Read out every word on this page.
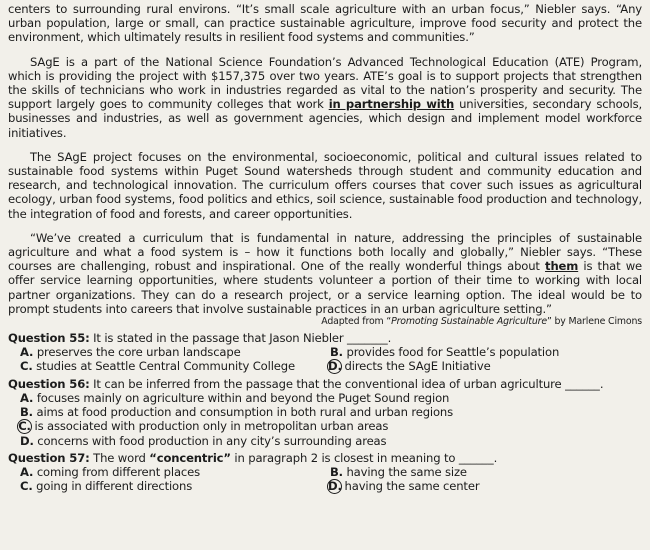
centers to surrounding rural environs. “It’s small scale agriculture with an urban focus,” Niebler says. “Any urban population, large or small, can practice sustainable agriculture, improve food security and protect the environment, which ultimately results in resilient food systems and communities.”

SAgE is a part of the National Science Foundation’s Advanced Technological Education (ATE) Program, which is providing the project with $157,375 over two years. ATE’s goal is to support projects that strengthen the skills of technicians who work in industries regarded as vital to the nation’s prosperity and security. The support largely goes to community colleges that work in partnership with universities, secondary schools, businesses and industries, as well as government agencies, which design and implement model workforce initiatives.

The SAgE project focuses on the environmental, socioeconomic, political and cultural issues related to sustainable food systems within Puget Sound watersheds through student and community education and research, and technological innovation. The curriculum offers courses that cover such issues as agricultural ecology, urban food systems, food politics and ethics, soil science, sustainable food production and technology, the integration of food and forests, and career opportunities.

“We’ve created a curriculum that is fundamental in nature, addressing the principles of sustainable agriculture and what a food system is – how it functions both locally and globally,” Niebler says. “These courses are challenging, robust and inspirational. One of the really wonderful things about them is that we offer service learning opportunities, where students volunteer a portion of their time to working with local partner organizations. They can do a research project, or a service learning option. The ideal would be to prompt students into careers that involve sustainable practices in an urban agriculture setting.”

Adapted from “Promoting Sustainable Agriculture” by Marlene Cimons
Question 55: It is stated in the passage that Jason Niebler _______.
A. preserves the core urban landscape	B. provides food for Seattle’s population
C. studies at Seattle Central Community College	D. directs the SAgE Initiative
Question 56: It can be inferred from the passage that the conventional idea of urban agriculture ______.
A. focuses mainly on agriculture within and beyond the Puget Sound region
B. aims at food production and consumption in both rural and urban regions
C. is associated with production only in metropolitan urban areas
D. concerns with food production in any city’s surrounding areas
Question 57: The word “concentric” in paragraph 2 is closest in meaning to ______.
A. coming from different places	B. having the same size
C. going in different directions	D. having the same center
